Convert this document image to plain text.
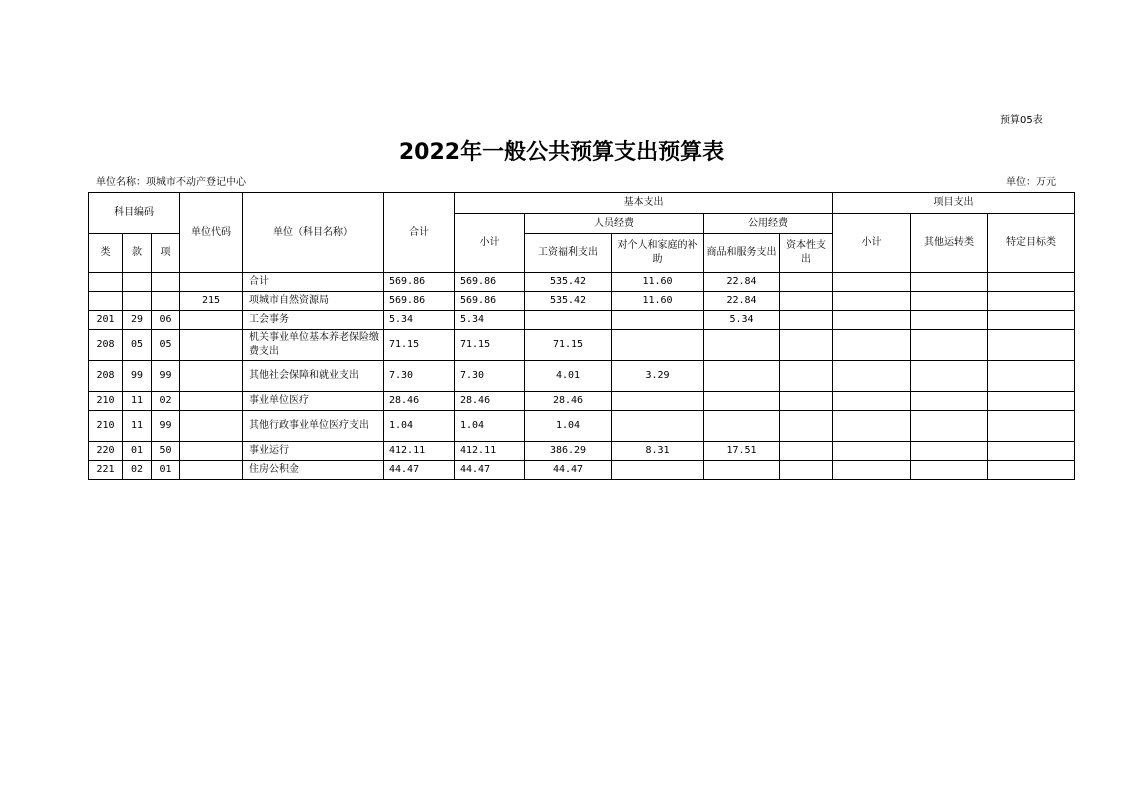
预算05表
2022年一般公共预算支出预算表
单位名称：项城市不动产登记中心	单位：万元
科目编码			单位代码	单位（科目名称）	合计	基本支出					项目支出		
						小计	人员经费		公用经费		小计	其他运转类	特定目标类
类	款	项					工资福利支出	对个人和家庭的补助	商品和服务支出	资本性支出			

				合计	569.86	569.86	535.42	11.60	22.84				
			215	项城市自然资源局	569.86	569.86	535.42	11.60	22.84				
201	29	06		工会事务	5.34	5.34			5.34				
208	05	05		机关事业单位基本养老保险缴费支出	71.15	71.15	71.15						
208	99	99		其他社会保障和就业支出	7.30	7.30	4.01	3.29					
210	11	02		事业单位医疗	28.46	28.46	28.46						
210	11	99		其他行政事业单位医疗支出	1.04	1.04	1.04						
220	01	50		事业运行	412.11	412.11	386.29	8.31	17.51				
221	02	01		住房公积金	44.47	44.47	44.47						
